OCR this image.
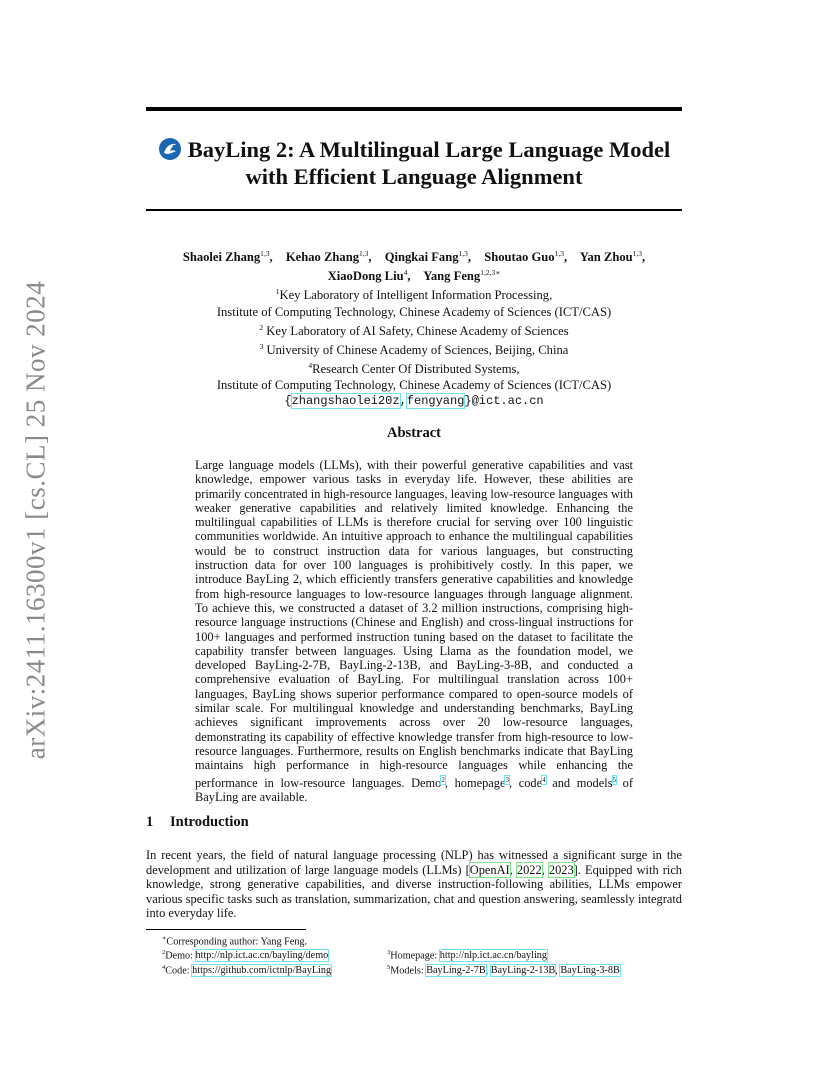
arXiv:2411.16300v1 [cs.CL] 25 Nov 2024
BayLing 2: A Multilingual Large Language Model
with Efficient Language Alignment
Shaolei Zhang$^{1,3}$, Kehao Zhang$^{1,3}$, Qingkai Fang$^{1,3}$, Shoutao Guo$^{1,3}$, Yan Zhou$^{1,3}$,
XiaoDong Liu$^4$, Yang Feng$^{1,2,3∗}$
$^1$Key Laboratory of Intelligent Information Processing,
Institute of Computing Technology, Chinese Academy of Sciences (ICT/CAS)
$^2$ Key Laboratory of AI Safety, Chinese Academy of Sciences
$^3$ University of Chinese Academy of Sciences, Beijing, China
$^4$Research Center Of Distributed Systems,
Institute of Computing Technology, Chinese Academy of Sciences (ICT/CAS)
{zhangshaolei20z,fengyang}@ict.ac.cn
Abstract
Large language models (LLMs), with their powerful generative capabilities and vast knowledge, empower various tasks in everyday life. However, these abilities are primarily concentrated in high-resource languages, leaving low-resource languages with weaker generative capabilities and relatively limited knowledge. Enhancing the multilingual capabilities of LLMs is therefore crucial for serving over 100 linguistic communities worldwide. An intuitive approach to enhance the multilingual capabilities would be to construct instruction data for various languages, but constructing instruction data for over 100 languages is prohibitively costly. In this paper, we introduce BayLing 2, which efficiently transfers generative capabilities and knowledge from high-resource languages to low-resource languages through language alignment. To achieve this, we constructed a dataset of 3.2 million instructions, comprising high-resource language instructions (Chinese and English) and cross-lingual instructions for 100+ languages and performed instruction tuning based on the dataset to facilitate the capability transfer between languages. Using Llama as the foundation model, we developed BayLing-2-7B, BayLing-2-13B, and BayLing-3-8B, and conducted a comprehensive evaluation of BayLing. For multilingual translation across 100+ languages, BayLing shows superior performance compared to open-source models of similar scale. For multilingual knowledge and understanding benchmarks, BayLing achieves significant improvements across over 20 low-resource languages, demonstrating its capability of effective knowledge transfer from high-resource to low-resource languages. Furthermore, results on English benchmarks indicate that BayLing maintains high performance in high-resource languages while enhancing the performance in low-resource languages. Demo$^2$, homepage$^3$, code$^4$ and models$^5$ of BayLing are available.
1 Introduction
In recent years, the field of natural language processing (NLP) has witnessed a significant surge in the development and utilization of large language models (LLMs) [OpenAI, 2022, 2023]. Equipped with rich knowledge, strong generative capabilities, and diverse instruction-following abilities, LLMs empower various specific tasks such as translation, summarization, chat and question answering, seamlessly integratd into everyday life.
∗Corresponding author: Yang Feng.
$^2$Demo: http://nlp.ict.ac.cn/bayling/demo	$^3$Homepage: http://nlp.ict.ac.cn/bayling
$^4$Code: https://github.com/ictnlp/BayLing	$^5$Models: BayLing-2-7B, BayLing-2-13B, BayLing-3-8B
